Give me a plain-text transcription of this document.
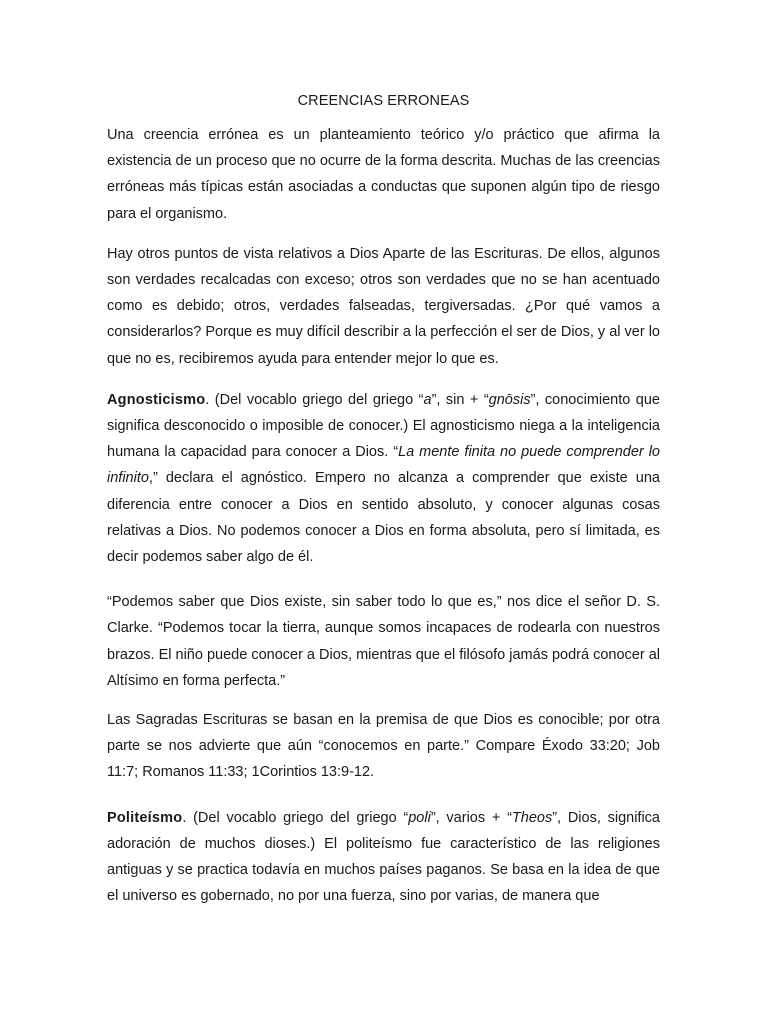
CREENCIAS ERRONEAS

Una creencia errónea es un planteamiento teórico y/o práctico que afirma la existencia de un proceso que no ocurre de la forma descrita. Muchas de las creencias erróneas más típicas están asociadas a conductas que suponen algún tipo de riesgo para el organismo.

Hay otros puntos de vista relativos a Dios Aparte de las Escrituras. De ellos, algunos son verdades recalcadas con exceso; otros son verdades que no se han acentuado como es debido; otros, verdades falseadas, tergiversadas. ¿Por qué vamos a considerarlos? Porque es muy difícil describir a la perfección el ser de Dios, y al ver lo que no es, recibiremos ayuda para entender mejor lo que es.

Agnosticismo. (Del vocablo griego del griego “a”, sin + “gnōsis”, conocimiento que significa desconocido o imposible de conocer.) El agnosticismo niega a la inteligencia humana la capacidad para conocer a Dios. “La mente finita no puede comprender lo infinito,” declara el agnóstico. Empero no alcanza a comprender que existe una diferencia entre conocer a Dios en sentido absoluto, y conocer algunas cosas relativas a Dios. No podemos conocer a Dios en forma absoluta, pero sí limitada, es decir podemos saber algo de él.

“Podemos saber que Dios existe, sin saber todo lo que es,” nos dice el señor D. S. Clarke. “Podemos tocar la tierra, aunque somos incapaces de rodearla con nuestros brazos. El niño puede conocer a Dios, mientras que el filósofo jamás podrá conocer al Altísimo en forma perfecta.”

Las Sagradas Escrituras se basan en la premisa de que Dios es conocible; por otra parte se nos advierte que aún “conocemos en parte.” Compare Éxodo 33:20; Job 11:7; Romanos 11:33; 1Corintios 13:9-12.

Politeísmo. (Del vocablo griego del griego “poli”, varios + “Theos”, Dios, significa adoración de muchos dioses.) El politeísmo fue característico de las religiones antiguas y se practica todavía en muchos países paganos. Se basa en la idea de que el universo es gobernado, no por una fuerza, sino por varias, de manera que
